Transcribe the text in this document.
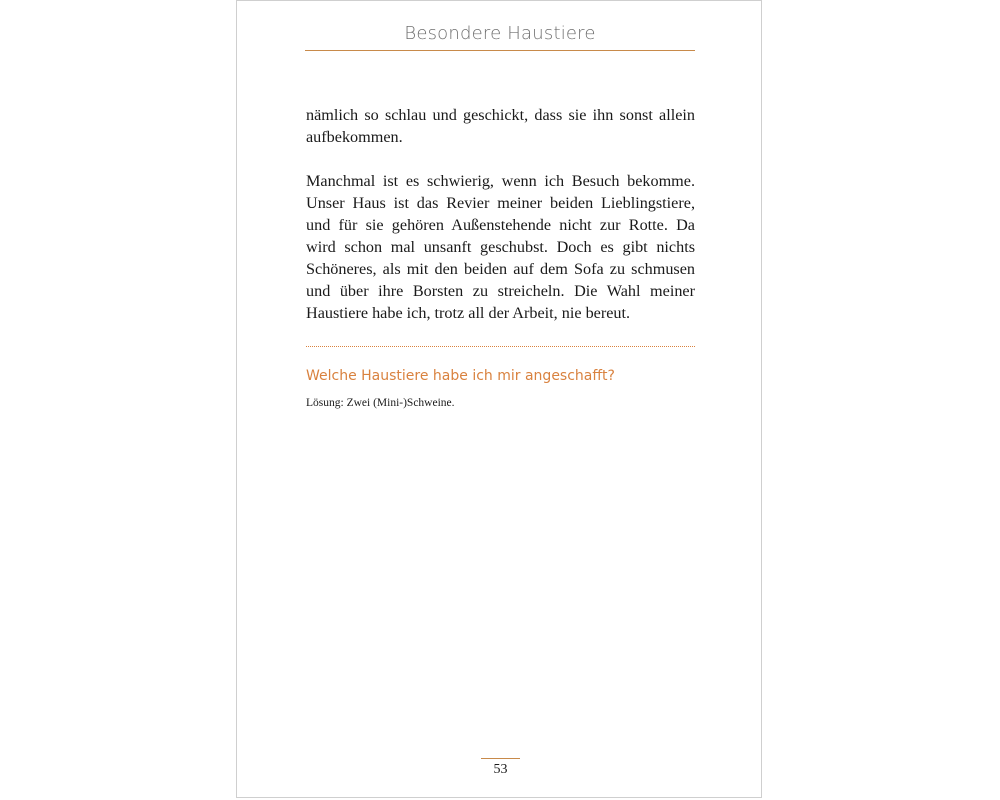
Besondere Haustiere

nämlich so schlau und geschickt, dass sie ihn sonst allein aufbekommen.

Manchmal ist es schwierig, wenn ich Besuch bekomme. Unser Haus ist das Revier meiner beiden Lieblingstiere, und für sie gehören Außenstehende nicht zur Rotte. Da wird schon mal unsanft geschubst. Doch es gibt nichts Schöneres, als mit den beiden auf dem Sofa zu schmusen und über ihre Borsten zu streicheln. Die Wahl meiner Haustiere habe ich, trotz all der Arbeit, nie bereut.

Welche Haustiere habe ich mir angeschafft?

Lösung: Zwei (Mini-)Schweine.

53
